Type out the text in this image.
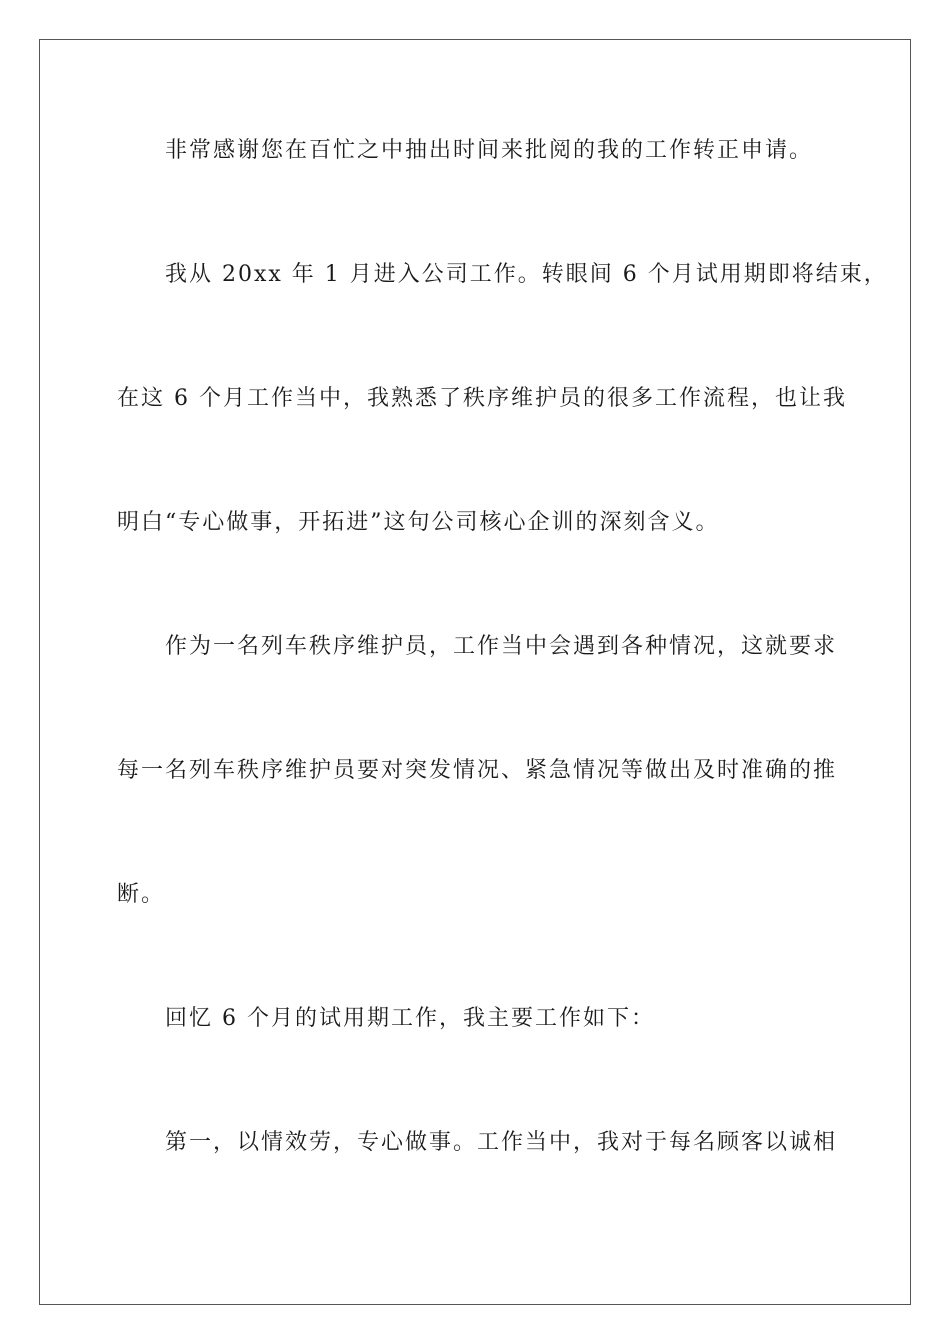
非常感谢您在百忙之中抽出时间来批阅的我的工作转正申请。
我从 20xx 年 1 月进入公司工作。转眼间 6 个月试用期即将结束，
在这 6 个月工作当中，我熟悉了秩序维护员的很多工作流程，也让我
明白“专心做事，开拓进”这句公司核心企训的深刻含义。
作为一名列车秩序维护员，工作当中会遇到各种情况，这就要求
每一名列车秩序维护员要对突发情况、紧急情况等做出及时准确的推
断。
回忆 6 个月的试用期工作，我主要工作如下：
第一，以情效劳，专心做事。工作当中，我对于每名顾客以诚相
